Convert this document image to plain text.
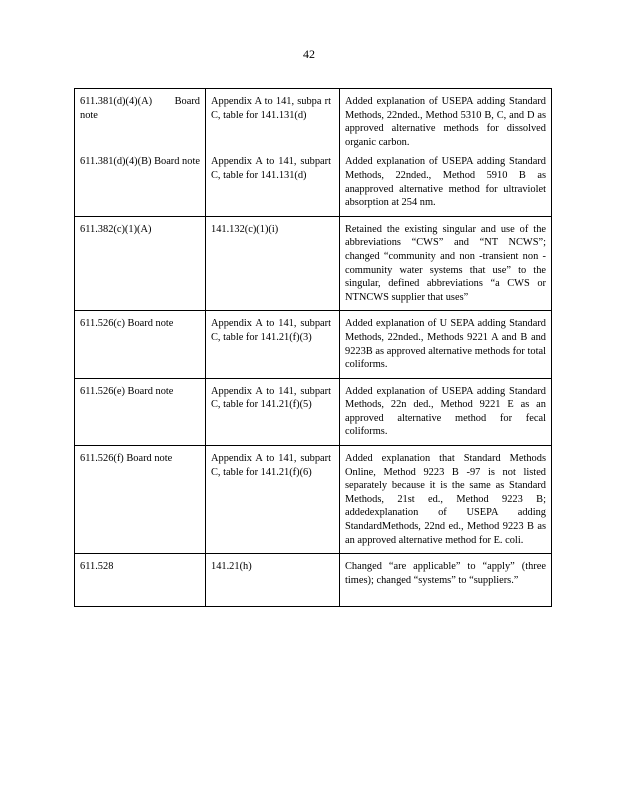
42
611.381(d)(4)(A) Board note	Appendix A to 141, subpa rt C, table for 141.131(d)	Added explanation of USEPA adding Standard Methods, 22nded., Method 5310 B, C, and D as approved alternative methods for dissolved organic carbon.

611.381(d)(4)(B) Board note	Appendix A to 141, subpart C, table for 141.131(d)	Added explanation of USEPA adding Standard Methods, 22nded., Method 5910 B as anapproved alternative method for ultraviolet absorption at 254 nm.

611.382(c)(1)(A)	141.132(c)(1)(i)	Retained the existing singular and use of the abbreviations “CWS” and “NT NCWS”; changed “community and non -transient non -community water systems that use” to the singular, defined abbreviations “a CWS or NTNCWS supplier that uses”

611.526(c) Board note	Appendix A to 141, subpart C, table for 141.21(f)(3)	Added explanation of U SEPA adding Standard Methods, 22nded., Methods 9221 A and B and 9223B as approved alternative methods for total coliforms.

611.526(e) Board note	Appendix A to 141, subpart C, table for 141.21(f)(5)	Added explanation of USEPA adding Standard Methods, 22n ded., Method 9221 E as an approved alternative method for fecal coliforms.

611.526(f) Board note	Appendix A to 141, subpart C, table for 141.21(f)(6)	Added explanation that Standard Methods Online, Method 9223 B -97 is not listed separately because it is the same as Standard Methods, 21st ed., Method 9223 B; addedexplanation of USEPA adding StandardMethods, 22nd ed., Method 9223 B as an approved alternative method for E. coli.

611.528	141.21(h)	Changed “are applicable” to “apply” (three times); changed “systems” to “suppliers.”
